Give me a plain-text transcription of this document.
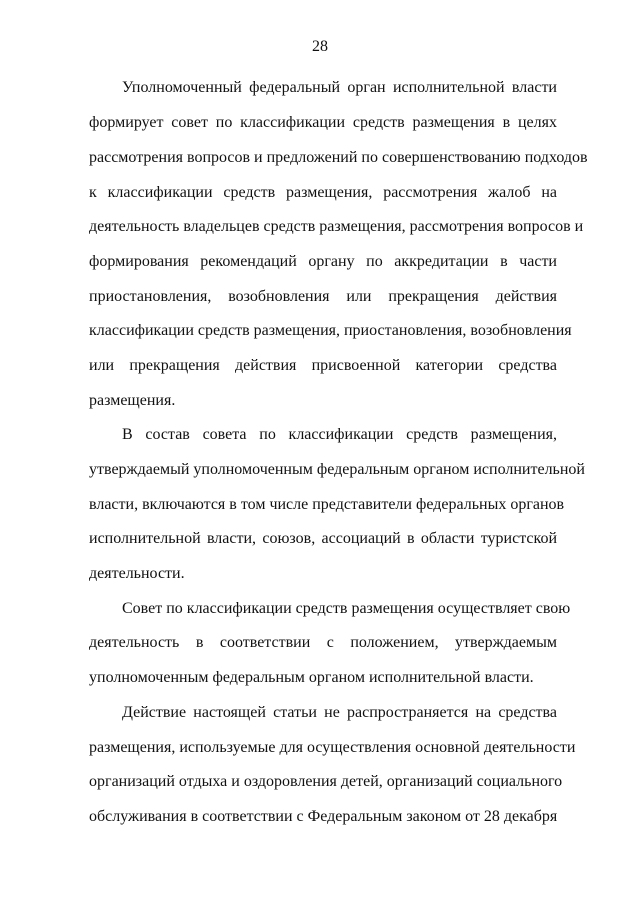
28
Уполномоченный федеральный орган исполнительной власти
формирует совет по классификации средств размещения в целях
рассмотрения вопросов и предложений по совершенствованию подходов
к классификации средств размещения, рассмотрения жалоб на
деятельность владельцев средств размещения, рассмотрения вопросов и
формирования рекомендаций органу по аккредитации в части
приостановления, возобновления или прекращения действия
классификации средств размещения, приостановления, возобновления
или прекращения действия присвоенной категории средства
размещения.
В состав совета по классификации средств размещения,
утверждаемый уполномоченным федеральным органом исполнительной
власти, включаются в том числе представители федеральных органов
исполнительной власти, союзов, ассоциаций в области туристской
деятельности.
Совет по классификации средств размещения осуществляет свою
деятельность в соответствии с положением, утверждаемым
уполномоченным федеральным органом исполнительной власти.
Действие настоящей статьи не распространяется на средства
размещения, используемые для осуществления основной деятельности
организаций отдыха и оздоровления детей, организаций социального
обслуживания в соответствии с Федеральным законом от 28 декабря
